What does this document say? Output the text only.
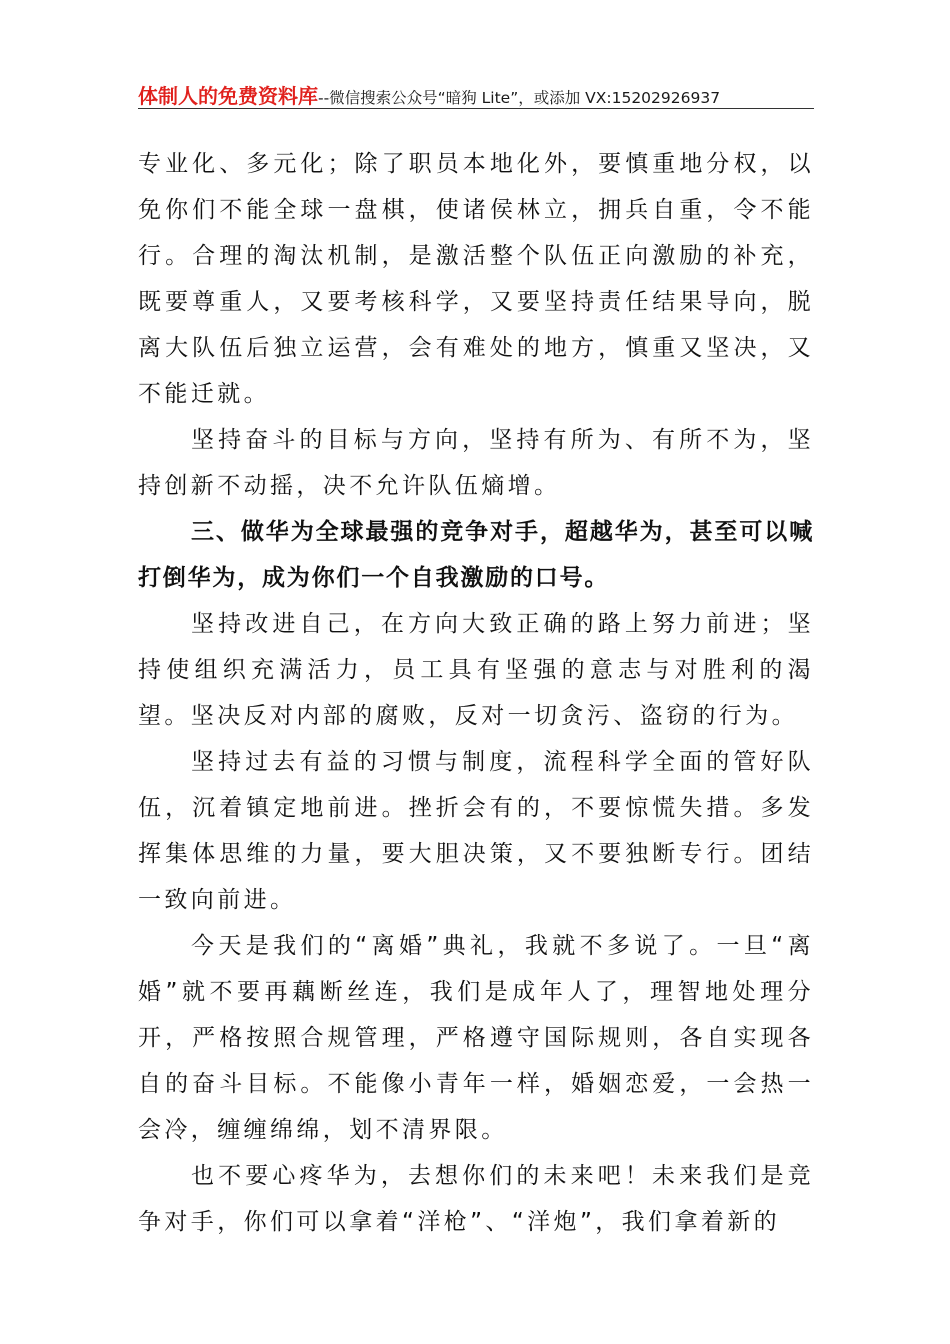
体制人的免费资料库--微信搜索公众号“暗狗 Lite”，或添加 VX:15202926937

专业化、多元化；除了职员本地化外，要慎重地分权，以免你们不能全球一盘棋，使诸侯林立，拥兵自重，令不能行。合理的淘汰机制，是激活整个队伍正向激励的补充，既要尊重人，又要考核科学，又要坚持责任结果导向，脱离大队伍后独立运营，会有难处的地方，慎重又坚决，又不能迁就。

坚持奋斗的目标与方向，坚持有所为、有所不为，坚持创新不动摇，决不允许队伍熵增。

三、做华为全球最强的竞争对手，超越华为，甚至可以喊打倒华为，成为你们一个自我激励的口号。

坚持改进自己，在方向大致正确的路上努力前进；坚持使组织充满活力，员工具有坚强的意志与对胜利的渴望。坚决反对内部的腐败，反对一切贪污、盗窃的行为。

坚持过去有益的习惯与制度，流程科学全面的管好队伍，沉着镇定地前进。挫折会有的，不要惊慌失措。多发挥集体思维的力量，要大胆决策，又不要独断专行。团结一致向前进。

今天是我们的“离婚”典礼，我就不多说了。一旦“离婚”就不要再藕断丝连，我们是成年人了，理智地处理分开，严格按照合规管理，严格遵守国际规则，各自实现各自的奋斗目标。不能像小青年一样，婚姻恋爱，一会热一会冷，缠缠绵绵，划不清界限。

也不要心疼华为，去想你们的未来吧！未来我们是竞争对手，你们可以拿着“洋枪”、“洋炮”，我们拿着新的
